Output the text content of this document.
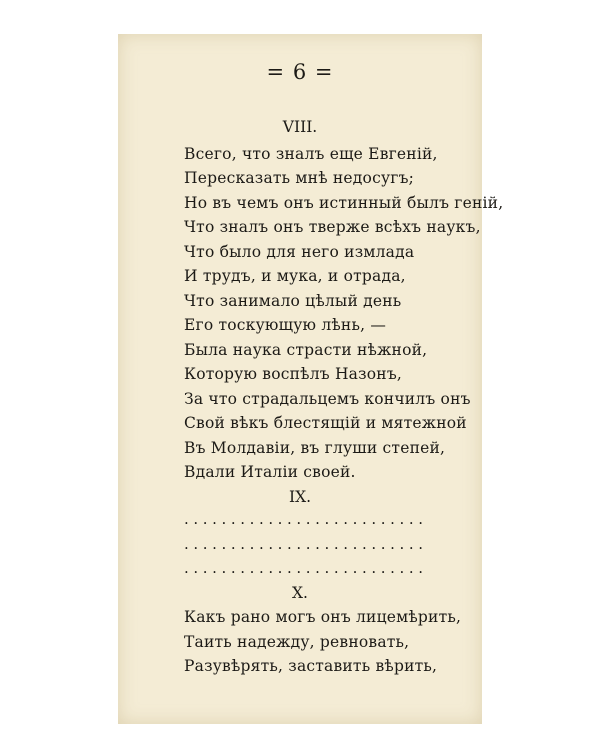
= 6 =
VIII.
Всего, что зналъ еще Евгеній,
Пересказать мнѣ недосугъ;
Но въ чемъ онъ истинный былъ геній,
Что зналъ онъ тверже всѣхъ наукъ,
Что было для него измлада
И трудъ, и мука, и отрада,
Что занимало цѣлый день
Его тоскующую лѣнь, —
Была наука страсти нѣжной,
Которую воспѣлъ Назонъ,
За что страдальцемъ кончилъ онъ
Свой вѣкъ блестящій и мятежной
Въ Молдавіи, въ глуши степей,
Вдали Италіи своей.
IX.
..........................
..........................
..........................
X.
Какъ рано могъ онъ лицемѣрить,
Таить надежду, ревновать,
Разувѣрять, заставить вѣрить,
